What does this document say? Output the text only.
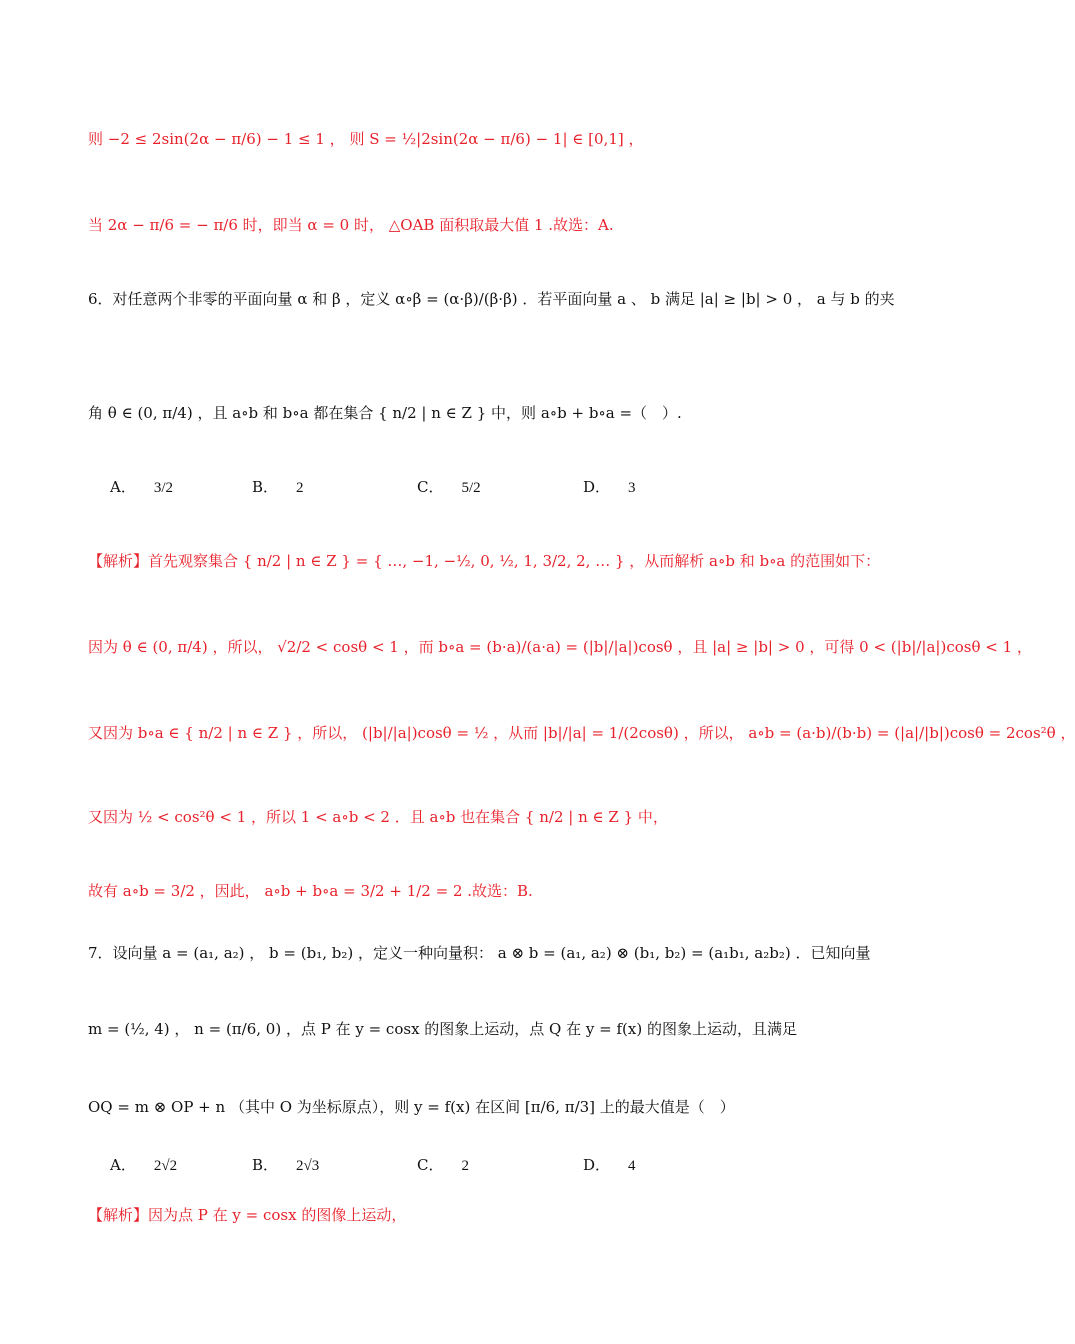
则 −2 ≤ 2sin(2α − π/6) − 1 ≤ 1 ， 则 S = ½|2sin(2α − π/6) − 1| ∈ [0,1] ，
当 2α − π/6 = − π/6 时，即当 α = 0 时， △OAB 面积取最大值 1 .故选：A.
6．对任意两个非零的平面向量 α 和 β ，定义 α∘β = (α·β)/(β·β) ．若平面向量 a 、 b 满足 |a| ≥ |b| > 0 ， a 与 b 的夹
角 θ ∈ (0, π/4) ，且 a∘b 和 b∘a 都在集合 { n/2 | n ∈ Z } 中，则 a∘b + b∘a =（　）.
A． 3/2	B． 2	C． 5/2	D． 3
【解析】首先观察集合 { n/2 | n ∈ Z } = { …, −1, −½, 0, ½, 1, 3/2, 2, … } ，从而解析 a∘b 和 b∘a 的范围如下：
因为 θ ∈ (0, π/4) ，所以， √2/2 < cosθ < 1 ，而 b∘a = (b·a)/(a·a) = (|b|/|a|)cosθ ，且 |a| ≥ |b| > 0 ，可得 0 < (|b|/|a|)cosθ < 1 ，
又因为 b∘a ∈ { n/2 | n ∈ Z } ，所以， (|b|/|a|)cosθ = ½ ，从而 |b|/|a| = 1/(2cosθ) ，所以， a∘b = (a·b)/(b·b) = (|a|/|b|)cosθ = 2cos²θ ，
又因为 ½ < cos²θ < 1 ，所以 1 < a∘b < 2 ．且 a∘b 也在集合 { n/2 | n ∈ Z } 中，
故有 a∘b = 3/2 ，因此， a∘b + b∘a = 3/2 + 1/2 = 2 .故选：B.
7．设向量 a = (a₁, a₂) ， b = (b₁, b₂) ，定义一种向量积： a ⊗ b = (a₁, a₂) ⊗ (b₁, b₂) = (a₁b₁, a₂b₂) ．已知向量
m = (½, 4) ， n = (π/6, 0) ，点 P 在 y = cosx 的图象上运动，点 Q 在 y = f(x) 的图象上运动，且满足
OQ = m ⊗ OP + n （其中 O 为坐标原点），则 y = f(x) 在区间 [π/6, π/3] 上的最大值是（　）
A． 2√2	B． 2√3	C． 2	D． 4
【解析】因为点 P 在 y = cosx 的图像上运动，
